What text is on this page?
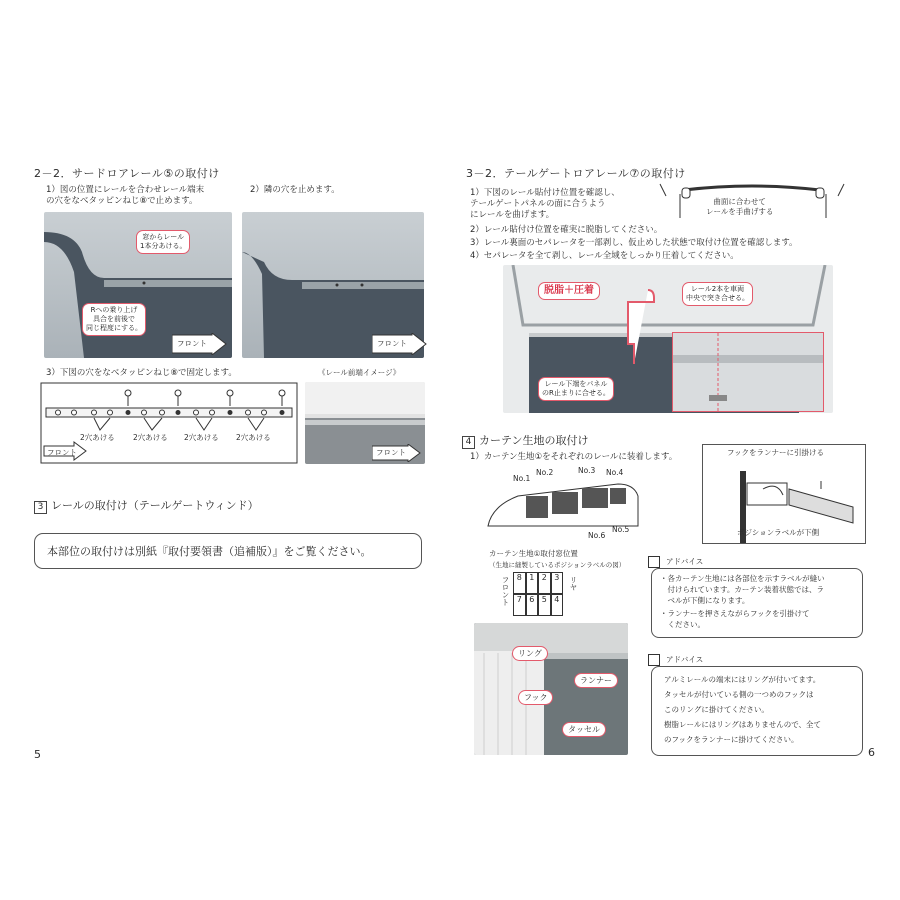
2－2．サードロアレール⑤の取付け
1）図の位置にレールを合わせレール端末
の穴をなべタッピンねじ⑧で止めます。
2）隣の穴を止めます。
窓からレール
1本分あける。
Rへの乗り上げ
具合を前後で
同じ程度にする。
フロント	フロント
3）下図の穴をなべタッピンねじ⑧で固定します。	《レール前端イメージ》
2穴あける 2穴あける 2穴あける 2穴あける
フロント	フロント
3 レールの取付け（テールゲートウィンド）
本部位の取付けは別紙『取付要領書（追補版）』をご覧ください。
5
3－2．テールゲートロアレール⑦の取付け
1）下図のレール貼付け位置を確認し、
テールゲートパネルの面に合うよう
にレールを曲げます。
曲面に合わせて
レールを手曲げする
2）レール貼付け位置を確実に脱脂してください。
3）レール裏面のセパレータを一部剥し、仮止めした状態で取付け位置を確認します。
4）セパレータを全て剥し、レール全域をしっかり圧着してください。
脱脂＋圧着	レール2本を車両
中央で突き合せる。
レール下端をパネル
のR止まりに合せる。
4 カーテン生地の取付け
1）カーテン生地①をそれぞれのレールに装着します。
No.1
No.2	No.3 No.4
No.5
No.6
カーテン生地①取付窓位置
（生地に縫製しているポジションラベルの図）
8 1 2 3
7 6 5 4
フロント	リヤ
フックをランナーに引掛ける
ポジションラベルが下側
リング
ランナー
フック
タッセル
アドバイス
・各カーテン生地には各部位を示すラベルが縫い
　付けられています。カーテン装着状態では、ラ
　ベルが下側になります。
・ランナーを押さえながらフックを引掛けて
　ください。
アドバイス
アルミレールの端末にはリングが付いてます。
タッセルが付いている側の一つめのフックは
このリングに掛けてください。
樹脂レールにはリングはありませんので、全て
のフックをランナーに掛けてください。
6
